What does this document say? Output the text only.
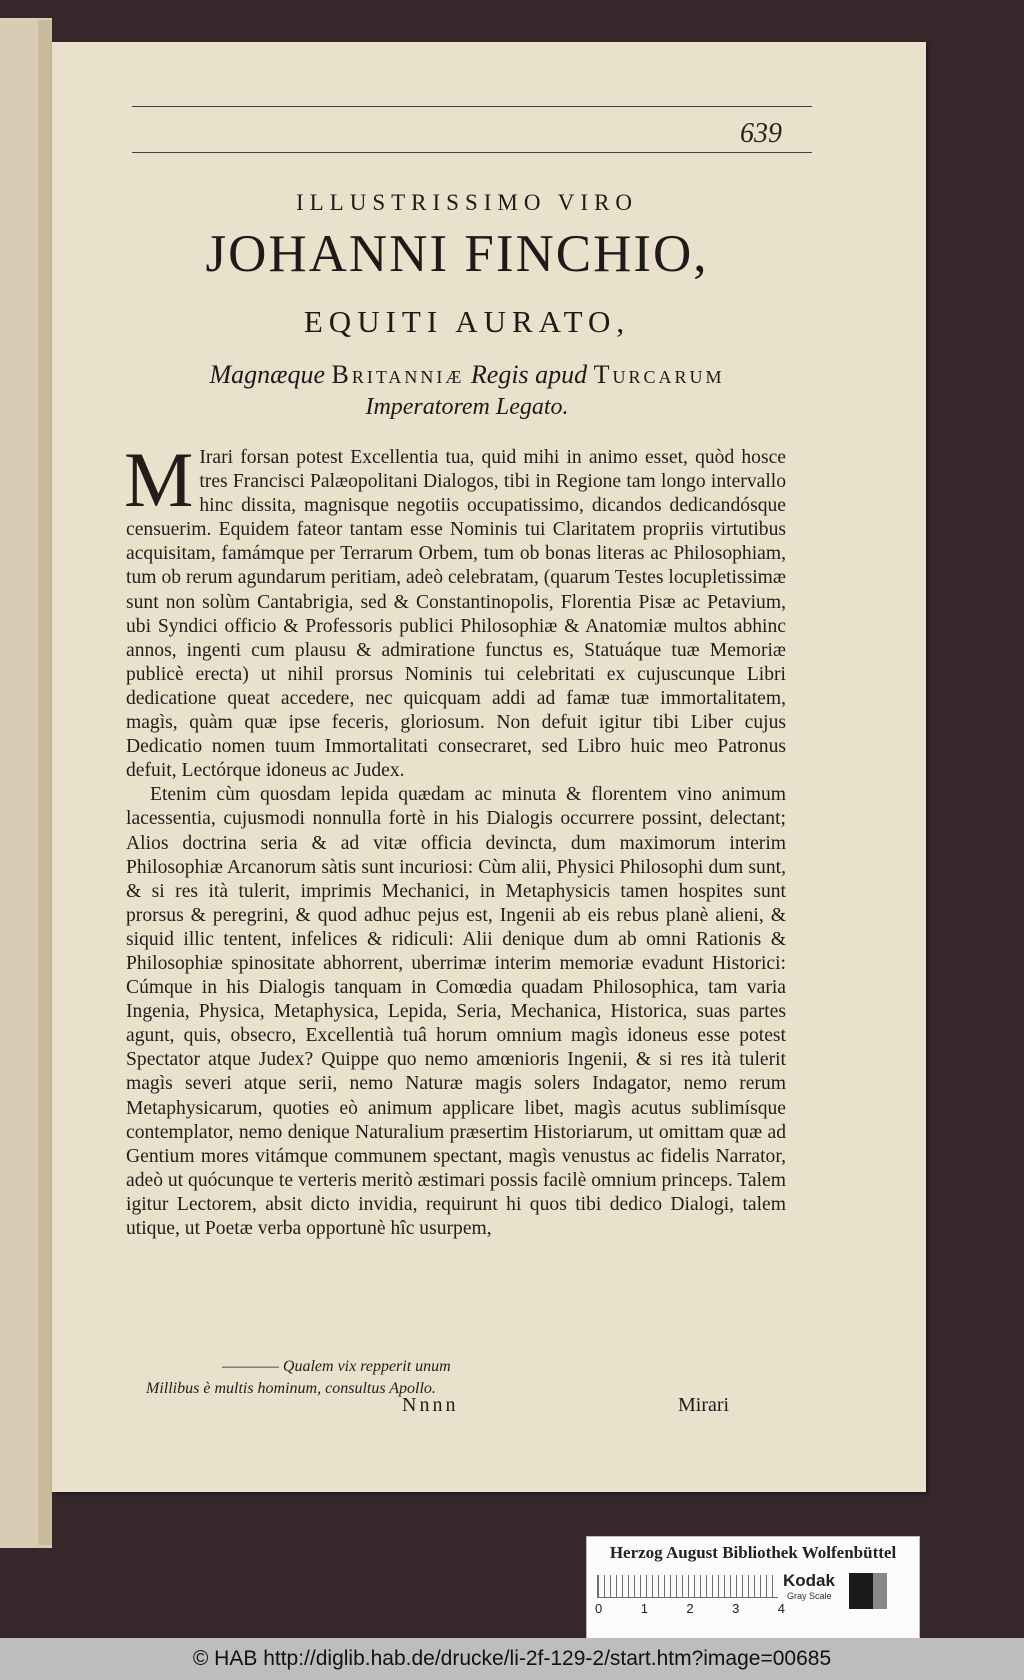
639
ILLUSTRISSIMO VIRO
JOHANNI FINCHIO,
EQUITI AURATO,
Magnæque Britanniæ Regis apud Turcarum
Imperatorem Legato.

M Irari forsan potest Excellentia tua, quid mihi in animo esset, quòd hosce tres Francisci Palæopolitani Dialogos, tibi in Regione tam longo intervallo hinc dissita, magnisque negotiis occupatissimo, dicandos dedicandósque censuerim. Equidem fateor tantam esse Nominis tui Claritatem propriis virtutibus acquisitam, famámque per Terrarum Orbem, tum ob bonas literas ac Philosophiam, tum ob rerum agundarum peritiam, adeò celebratam, (quarum Testes locupletissimæ sunt non solùm Cantabrigia, sed & Constantinopolis, Florentia Pisæ ac Petavium, ubi Syndici officio & Professoris publici Philosophiæ & Anatomiæ multos abhinc annos, ingenti cum plausu & admiratione functus es, Statuáque tuæ Memoriæ publicè erecta) ut nihil prorsus Nominis tui celebritati ex cujuscunque Libri dedicatione queat accedere, nec quicquam addi ad famæ tuæ immortalitatem, magìs, quàm quæ ipse feceris, gloriosum. Non defuit igitur tibi Liber cujus Dedicatio nomen tuum Immortalitati consecraret, sed Libro huic meo Patronus defuit, Lectórque idoneus ac Judex.

Etenim cùm quosdam lepida quædam ac minuta & florentem vino animum lacessentia, cujusmodi nonnulla fortè in his Dialogis occurrere possint, delectant; Alios doctrina seria & ad vitæ officia devincta, dum maximorum interim Philosophiæ Arcanorum sàtis sunt incuriosi: Cùm alii, Physici Philosophi dum sunt, & si res ità tulerit, imprimis Mechanici, in Metaphysicis tamen hospites sunt prorsus & peregrini, & quod adhuc pejus est, Ingenii ab eis rebus planè alieni, & siquid illic tentent, infelices & ridiculi: Alii denique dum ab omni Rationis & Philosophiæ spinositate abhorrent, uberrimæ interim memoriæ evadunt Historici: Cúmque in his Dialogis tanquam in Comœdia quadam Philosophica, tam varia Ingenia, Physica, Metaphysica, Lepida, Seria, Mechanica, Historica, suas partes agunt, quis, obsecro, Excellentià tuâ horum omnium magìs idoneus esse potest Spectator atque Judex? Quippe quo nemo amœnioris Ingenii, & si res ità tulerit magìs severi atque serii, nemo Naturæ magis solers Indagator, nemo rerum Metaphysicarum, quoties eò animum applicare libet, magìs acutus sublimísque contemplator, nemo denique Naturalium præsertim Historiarum, ut omittam quæ ad Gentium mores vitámque communem spectant, magìs venustus ac fidelis Narrator, adeò ut quócunque te verteris meritò æstimari possis facilè omnium princeps. Talem igitur Lectorem, absit dicto invidia, requirunt hi quos tibi dedico Dialogi, talem utique, ut Poetæ verba opportunè hîc usurpem,

———— Qualem vix repperit unum
Millibus è multis hominum, consultus Apollo.
Nnnn	Mirari
Herzog August Bibliothek Wolfenbüttel
0	1	2	3	4
Kodak
Gray Scale
© HAB http://diglib.hab.de/drucke/li-2f-129-2/start.htm?image=00685
